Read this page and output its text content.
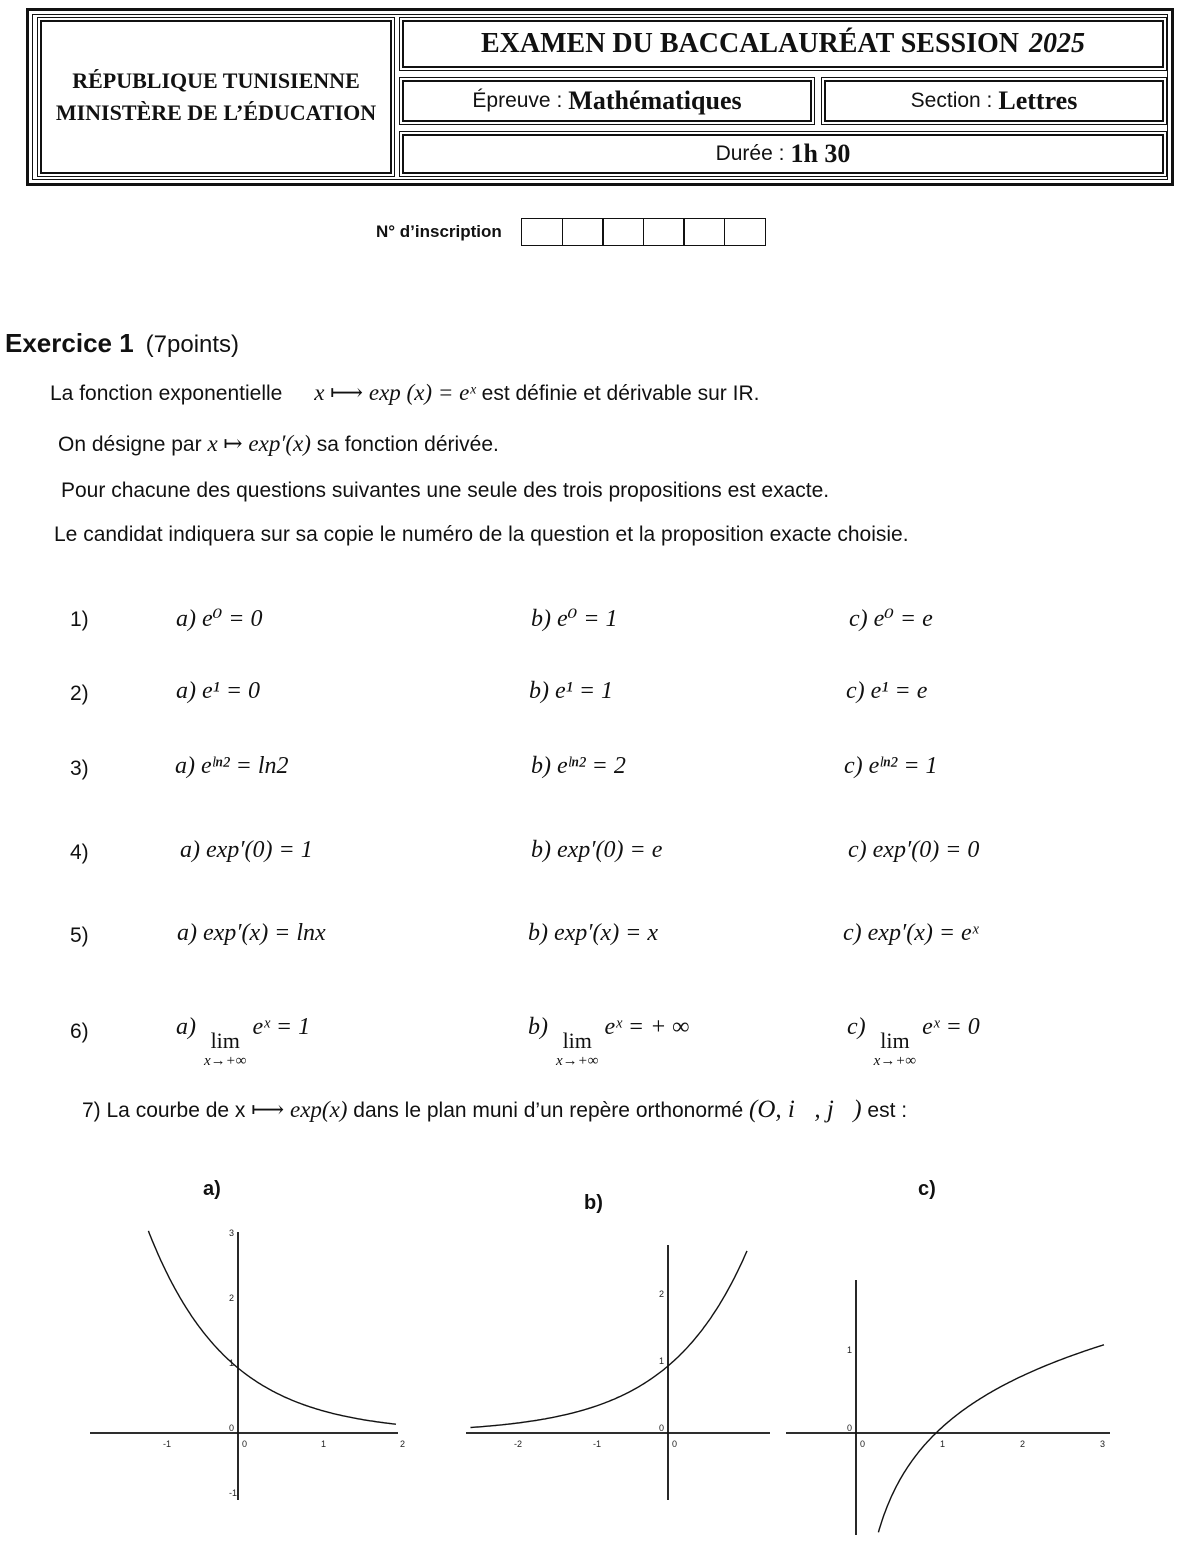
RÉPUBLIQUE TUNISIENNE
MINISTÈRE DE L’ÉDUCATION
EXAMEN DU BACCALAURÉAT SESSION 2025
Épreuve : Mathématiques	Section : Lettres
Durée : 1h 30
N° d’inscription
Exercice 1 (7points)
La fonction exponentielle x ⟼ exp (x) = eˣ est définie et dérivable sur IR.
On désigne par x ↦ exp′(x) sa fonction dérivée.
Pour chacune des questions suivantes une seule des trois propositions est exacte.
Le candidat indiquera sur sa copie le numéro de la question et la proposition exacte choisie.
1)	a) e⁰ = 0	b) e⁰ = 1	c) e⁰ = e
2)	a) e¹ = 0	b) e¹ = 1	c) e¹ = e
3)	a) eˡⁿ² = ln2	b) eˡⁿ² = 2	c) eˡⁿ² = 1
4)	a) exp′(0) = 1	b) exp′(0) = e	c) exp′(0) = 0
5)	a) exp′(x) = lnx	b) exp′(x) = x	c) exp′(x) = eˣ
6)	a)
lim
x→+∞
eˣ = 1	b)
lim
x→+∞
eˣ = + ∞	c)
lim
x→+∞
eˣ = 0
7) La courbe de x ⟼ exp(x) dans le plan muni d’un repère orthonormé (O, i⃗, j⃗) est :
a)
b)
c)
-1	0	1	2
-1
0
1
2
3
-2	-1	0
0
1
2
0	1	2	3
0
1
